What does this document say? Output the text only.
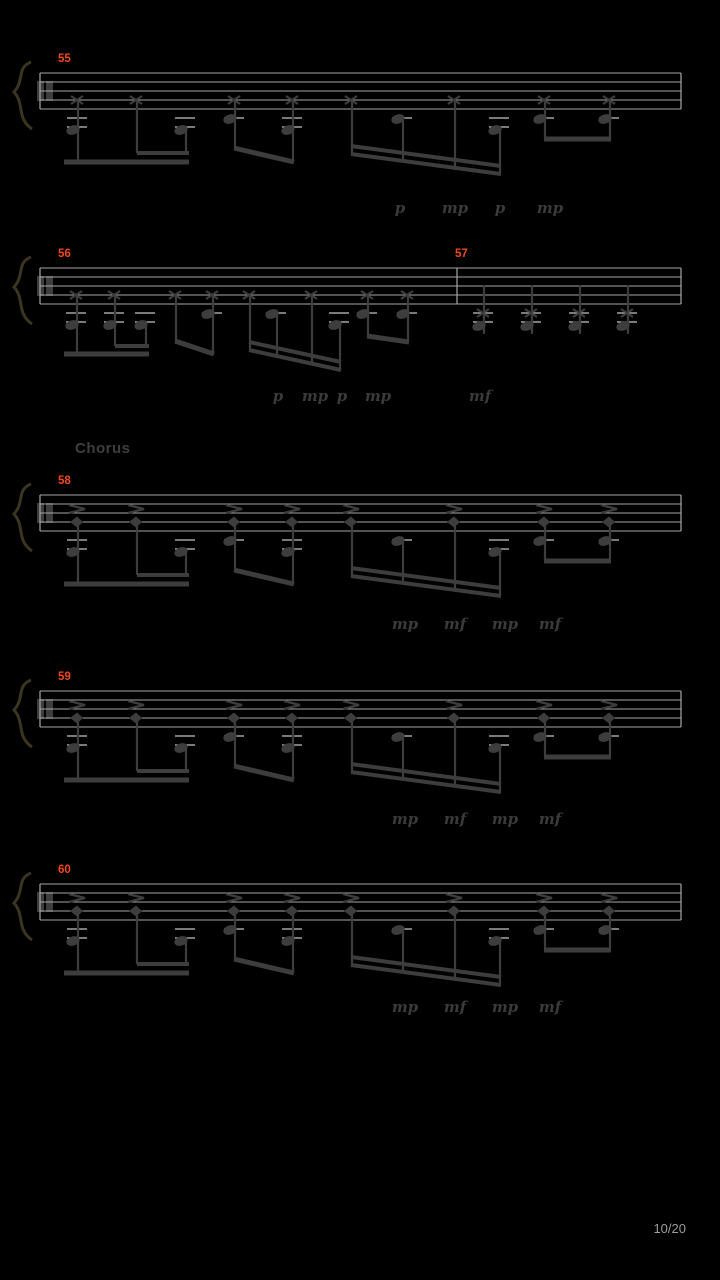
55
p mp p mp
56	57
p mp p mp	mf
58
mp mf mp mf
59
mp mf mp mf
60
mp mf mp mf
Chorus
10/20
